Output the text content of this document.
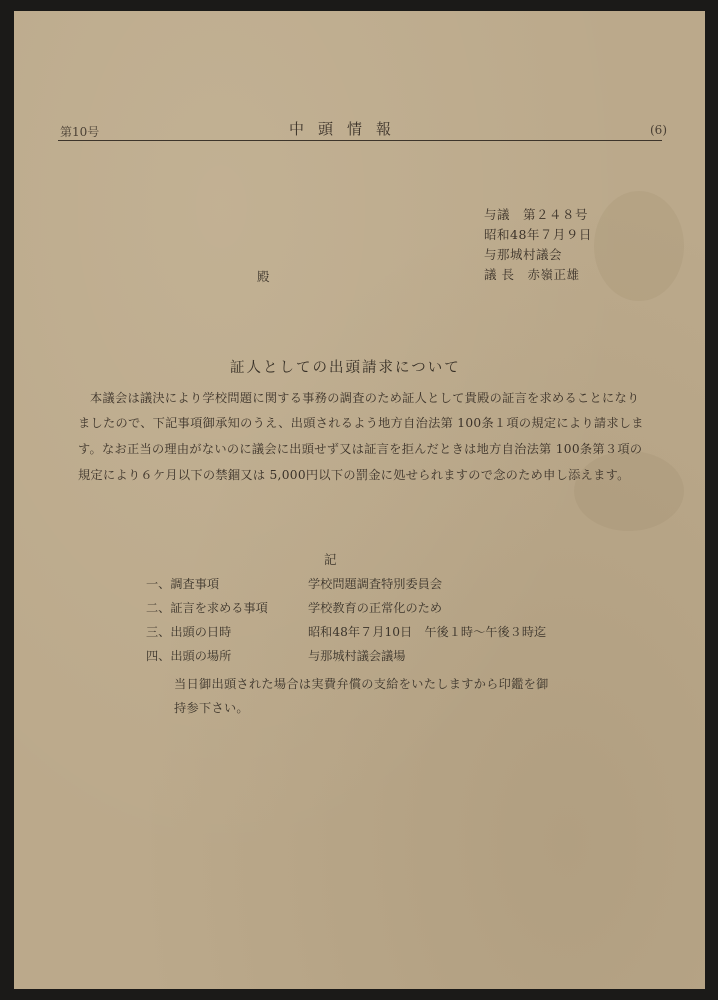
第10号	中頭情報	(6)
与議　第２４８号
昭和48年７月９日
与那城村議会
議 長　赤嶺正雄
殿
証人としての出頭請求について
本議会は議決により学校問題に関する事務の調査のため証人として貴殿の証言を求めることになり
ましたので、下記事項御承知のうえ、出頭されるよう地方自治法第 100条１項の規定により請求しま
す。なお正当の理由がないのに議会に出頭せず又は証言を拒んだときは地方自治法第 100条第３項の
規定により６ケ月以下の禁錮又は 5,000円以下の罰金に処せられますので念のため申し添えます。
記
一、調査事項	学校問題調査特別委員会
二、証言を求める事項	学校教育の正常化のため
三、出頭の日時	昭和48年７月10日　午後１時〜午後３時迄
四、出頭の場所	与那城村議会議場
当日御出頭された場合は実費弁償の支給をいたしますから印鑑を御
持参下さい。
